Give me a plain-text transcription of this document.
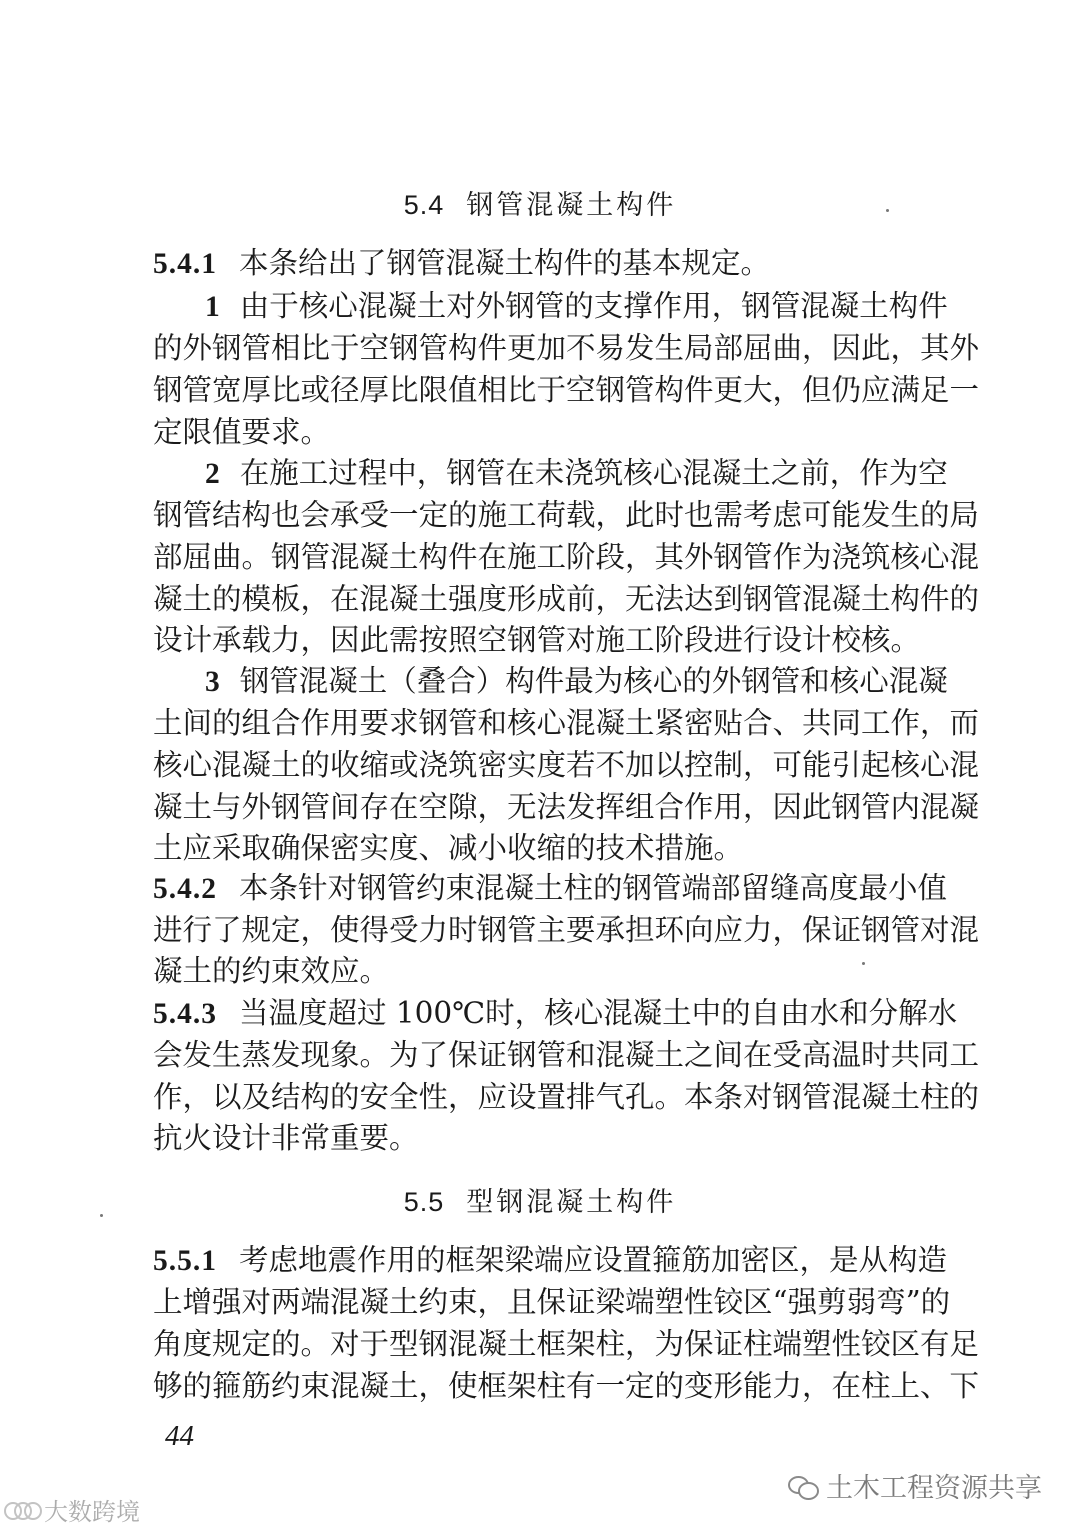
5.4 钢管混凝土构件
5.4.1 本条给出了钢管混凝土构件的基本规定。
1 由于核心混凝土对外钢管的支撑作用，钢管混凝土构件
的外钢管相比于空钢管构件更加不易发生局部屈曲，因此，其外
钢管宽厚比或径厚比限值相比于空钢管构件更大，但仍应满足一
定限值要求。
2 在施工过程中，钢管在未浇筑核心混凝土之前，作为空
钢管结构也会承受一定的施工荷载，此时也需考虑可能发生的局
部屈曲。钢管混凝土构件在施工阶段，其外钢管作为浇筑核心混
凝土的模板，在混凝土强度形成前，无法达到钢管混凝土构件的
设计承载力，因此需按照空钢管对施工阶段进行设计校核。
3 钢管混凝土（叠合）构件最为核心的外钢管和核心混凝
土间的组合作用要求钢管和核心混凝土紧密贴合、共同工作，而
核心混凝土的收缩或浇筑密实度若不加以控制，可能引起核心混
凝土与外钢管间存在空隙，无法发挥组合作用，因此钢管内混凝
土应采取确保密实度、减小收缩的技术措施。
5.4.2 本条针对钢管约束混凝土柱的钢管端部留缝高度最小值
进行了规定，使得受力时钢管主要承担环向应力，保证钢管对混
凝土的约束效应。
5.4.3 当温度超过 100℃时，核心混凝土中的自由水和分解水
会发生蒸发现象。为了保证钢管和混凝土之间在受高温时共同工
作，以及结构的安全性，应设置排气孔。本条对钢管混凝土柱的
抗火设计非常重要。
5.5 型钢混凝土构件
5.5.1 考虑地震作用的框架梁端应设置箍筋加密区，是从构造
上增强对两端混凝土约束，且保证梁端塑性铰区“强剪弱弯”的
角度规定的。对于型钢混凝土框架柱，为保证柱端塑性铰区有足
够的箍筋约束混凝土，使框架柱有一定的变形能力，在柱上、下
44
土木工程资源共享
大数跨境
